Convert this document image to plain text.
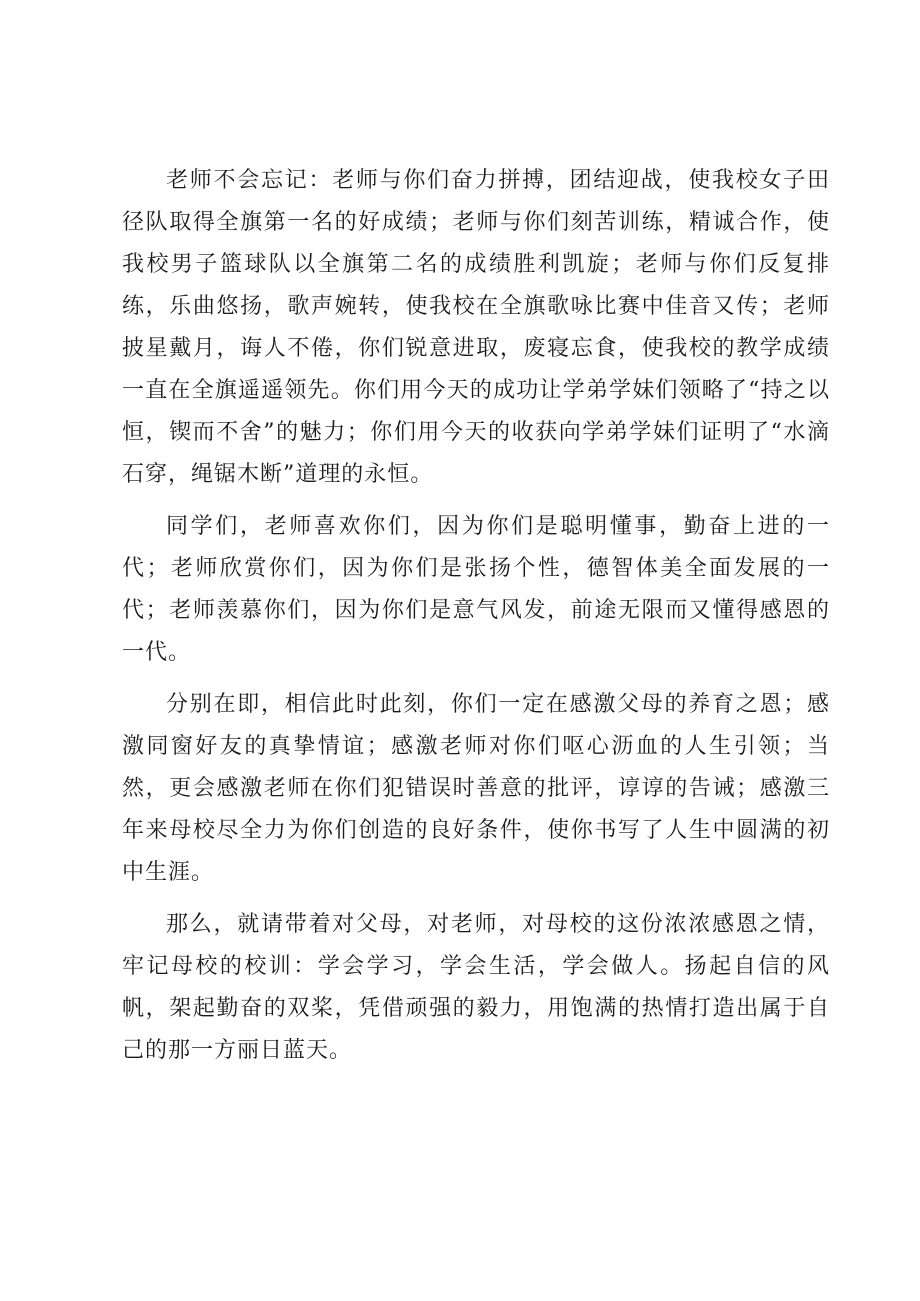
老师不会忘记：老师与你们奋力拼搏，团结迎战，使我校女子田径队取得全旗第一名的好成绩；老师与你们刻苦训练，精诚合作，使我校男子篮球队以全旗第二名的成绩胜利凯旋；老师与你们反复排练，乐曲悠扬，歌声婉转，使我校在全旗歌咏比赛中佳音又传；老师披星戴月，诲人不倦，你们锐意进取，废寝忘食，使我校的教学成绩一直在全旗遥遥领先。你们用今天的成功让学弟学妹们领略了“持之以恒，锲而不舍”的魅力；你们用今天的收获向学弟学妹们证明了“水滴石穿，绳锯木断”道理的永恒。

同学们，老师喜欢你们，因为你们是聪明懂事，勤奋上进的一代；老师欣赏你们，因为你们是张扬个性，德智体美全面发展的一代；老师羡慕你们，因为你们是意气风发，前途无限而又懂得感恩的一代。

分别在即，相信此时此刻，你们一定在感激父母的养育之恩；感激同窗好友的真挚情谊；感激老师对你们呕心沥血的人生引领；当然，更会感激老师在你们犯错误时善意的批评，谆谆的告诫；感激三年来母校尽全力为你们创造的良好条件，使你书写了人生中圆满的初中生涯。

那么，就请带着对父母，对老师，对母校的这份浓浓感恩之情，牢记母校的校训：学会学习，学会生活，学会做人。扬起自信的风帆，架起勤奋的双桨，凭借顽强的毅力，用饱满的热情打造出属于自己的那一方丽日蓝天。
